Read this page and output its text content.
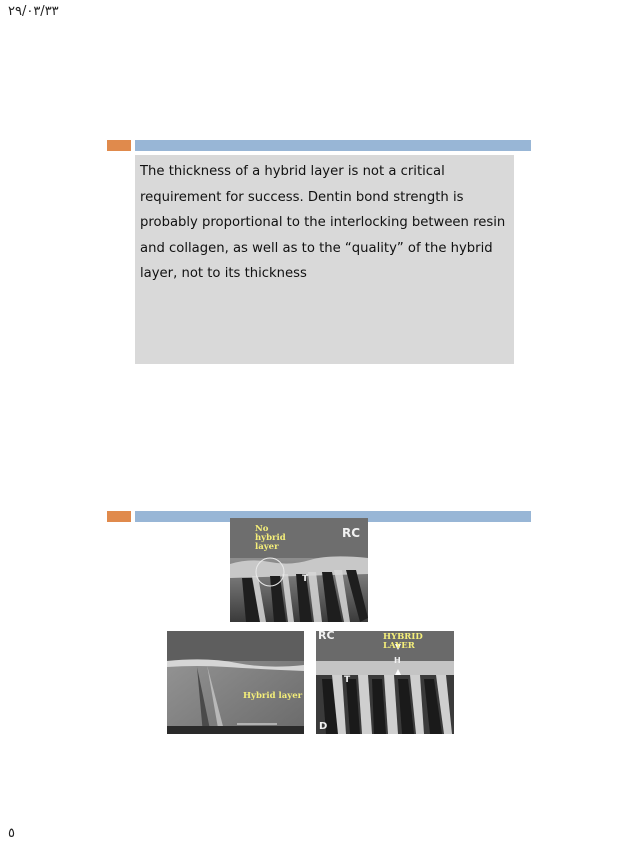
٢٩/٠٣/٣٣

The thickness of a hybrid layer is not a critical requirement for success. Dentin bond strength is probably proportional to the interlocking between resin and collagen, as well as to the “quality” of the hybrid layer, not to its thickness

No hybrid layer
RC
T
Hybrid layer
RC	HYBRID LAYER
H
T
D
٥
